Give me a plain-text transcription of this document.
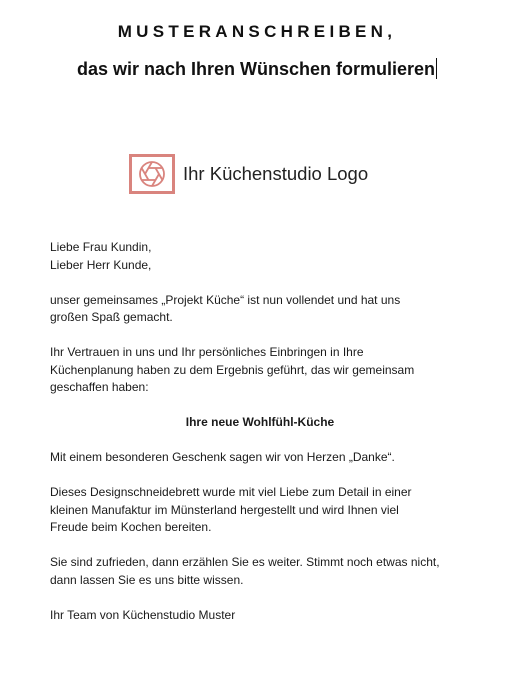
MUSTERANSCHREIBEN,
das wir nach Ihren Wünschen formulieren
Ihr Küchenstudio Logo

Liebe Frau Kundin,

Lieber Herr Kunde,

unser gemeinsames „Projekt Küche“ ist nun vollendet und hat uns

großen Spaß gemacht.

Ihr Vertrauen in uns und Ihr persönliches Einbringen in Ihre

Küchenplanung haben zu dem Ergebnis geführt, das wir gemeinsam

geschaffen haben:

Ihre neue Wohlfühl-Küche

Mit einem besonderen Geschenk sagen wir von Herzen „Danke“.

Dieses Designschneidebrett wurde mit viel Liebe zum Detail in einer

kleinen Manufaktur im Münsterland hergestellt und wird Ihnen viel

Freude beim Kochen bereiten.

Sie sind zufrieden, dann erzählen Sie es weiter. Stimmt noch etwas nicht,

dann lassen Sie es uns bitte wissen.

Ihr Team von Küchenstudio Muster
